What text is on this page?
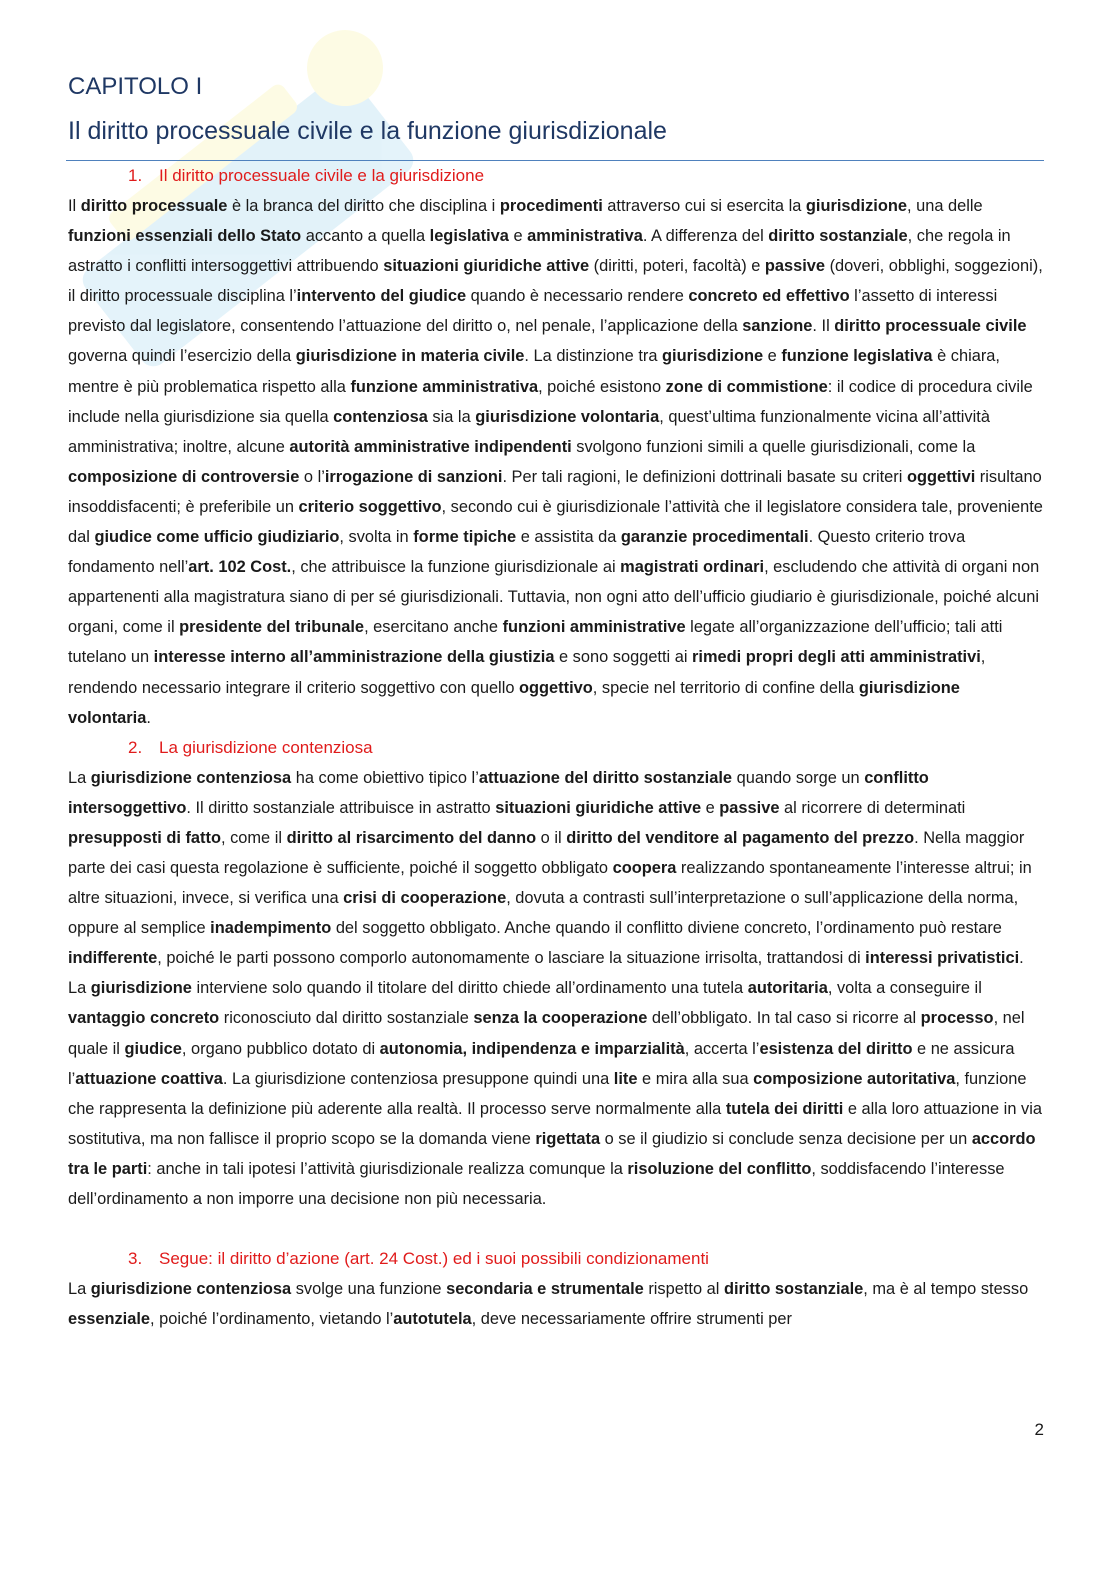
CAPITOLO I
Il diritto processuale civile e la funzione giurisdizionale
1. Il diritto processuale civile e la giurisdizione

Il diritto processuale è la branca del diritto che disciplina i procedimenti attraverso cui si esercita la giurisdizione, una delle funzioni essenziali dello Stato accanto a quella legislativa e amministrativa. A differenza del diritto sostanziale, che regola in astratto i conflitti intersoggettivi attribuendo situazioni giuridiche attive (diritti, poteri, facoltà) e passive (doveri, obblighi, soggezioni), il diritto processuale disciplina l’intervento del giudice quando è necessario rendere concreto ed effettivo l’assetto di interessi previsto dal legislatore, consentendo l’attuazione del diritto o, nel penale, l’applicazione della sanzione. Il diritto processuale civile governa quindi l’esercizio della giurisdizione in materia civile. La distinzione tra giurisdizione e funzione legislativa è chiara, mentre è più problematica rispetto alla funzione amministrativa, poiché esistono zone di commistione: il codice di procedura civile include nella giurisdizione sia quella contenziosa sia la giurisdizione volontaria, quest’ultima funzionalmente vicina all’attività amministrativa; inoltre, alcune autorità amministrative indipendenti svolgono funzioni simili a quelle giurisdizionali, come la composizione di controversie o l’irrogazione di sanzioni. Per tali ragioni, le definizioni dottrinali basate su criteri oggettivi risultano insoddisfacenti; è preferibile un criterio soggettivo, secondo cui è giurisdizionale l’attività che il legislatore considera tale, proveniente dal giudice come ufficio giudiziario, svolta in forme tipiche e assistita da garanzie procedimentali. Questo criterio trova fondamento nell’art. 102 Cost., che attribuisce la funzione giurisdizionale ai magistrati ordinari, escludendo che attività di organi non appartenenti alla magistratura siano di per sé giurisdizionali. Tuttavia, non ogni atto dell’ufficio giudiario è giurisdizionale, poiché alcuni organi, come il presidente del tribunale, esercitano anche funzioni amministrative legate all’organizzazione dell’ufficio; tali atti tutelano un interesse interno all’amministrazione della giustizia e sono soggetti ai rimedi propri degli atti amministrativi, rendendo necessario integrare il criterio soggettivo con quello oggettivo, specie nel territorio di confine della giurisdizione volontaria.

2. La giurisdizione contenziosa

La giurisdizione contenziosa ha come obiettivo tipico l’attuazione del diritto sostanziale quando sorge un conflitto intersoggettivo. Il diritto sostanziale attribuisce in astratto situazioni giuridiche attive e passive al ricorrere di determinati presupposti di fatto, come il diritto al risarcimento del danno o il diritto del venditore al pagamento del prezzo. Nella maggior parte dei casi questa regolazione è sufficiente, poiché il soggetto obbligato coopera realizzando spontaneamente l’interesse altrui; in altre situazioni, invece, si verifica una crisi di cooperazione, dovuta a contrasti sull’interpretazione o sull’applicazione della norma, oppure al semplice inadempimento del soggetto obbligato. Anche quando il conflitto diviene concreto, l’ordinamento può restare indifferente, poiché le parti possono comporlo autonomamente o lasciare la situazione irrisolta, trattandosi di interessi privatistici. La giurisdizione interviene solo quando il titolare del diritto chiede all’ordinamento una tutela autoritaria, volta a conseguire il vantaggio concreto riconosciuto dal diritto sostanziale senza la cooperazione dell’obbligato. In tal caso si ricorre al processo, nel quale il giudice, organo pubblico dotato di autonomia, indipendenza e imparzialità, accerta l’esistenza del diritto e ne assicura l’attuazione coattiva. La giurisdizione contenziosa presuppone quindi una lite e mira alla sua composizione autoritativa, funzione che rappresenta la definizione più aderente alla realtà. Il processo serve normalmente alla tutela dei diritti e alla loro attuazione in via sostitutiva, ma non fallisce il proprio scopo se la domanda viene rigettata o se il giudizio si conclude senza decisione per un accordo tra le parti: anche in tali ipotesi l’attività giurisdizionale realizza comunque la risoluzione del conflitto, soddisfacendo l’interesse dell’ordinamento a non imporre una decisione non più necessaria.

3. Segue: il diritto d’azione (art. 24 Cost.) ed i suoi possibili condizionamenti

La giurisdizione contenziosa svolge una funzione secondaria e strumentale rispetto al diritto sostanziale, ma è al tempo stesso essenziale, poiché l’ordinamento, vietando l’autotutela, deve necessariamente offrire strumenti per

2
